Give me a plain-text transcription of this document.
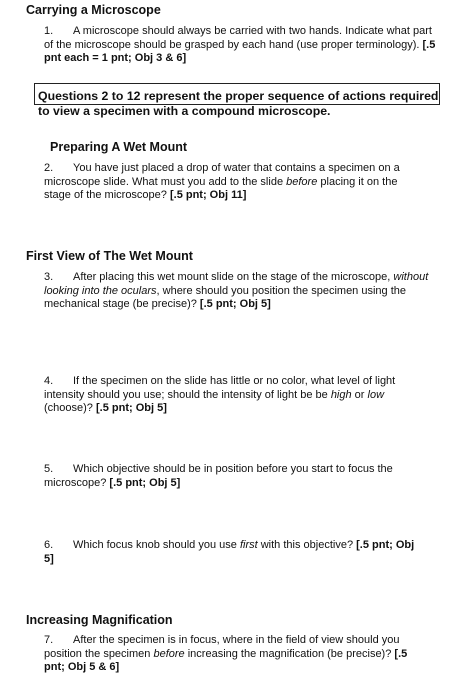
Carrying a Microscope
1. A microscope should always be carried with two hands. Indicate what part of the microscope should be grasped by each hand (use proper terminology). [.5 pnt each = 1 pnt; Obj 3 & 6]
Questions 2 to 12 represent the proper sequence of actions required to view a specimen with a compound microscope.
Preparing A Wet Mount
2. You have just placed a drop of water that contains a specimen on a microscope slide. What must you add to the slide before placing it on the stage of the microscope? [.5 pnt; Obj 11]
First View of The Wet Mount
3. After placing this wet mount slide on the stage of the microscope, without looking into the oculars, where should you position the specimen using the mechanical stage (be precise)? [.5 pnt; Obj 5]
4. If the specimen on the slide has little or no color, what level of light intensity should you use; should the intensity of light be be high or low (choose)? [.5 pnt; Obj 5]
5. Which objective should be in position before you start to focus the microscope? [.5 pnt; Obj 5]
6. Which focus knob should you use first with this objective? [.5 pnt; Obj 5]
Increasing Magnification
7. After the specimen is in focus, where in the field of view should you position the specimen before increasing the magnification (be precise)? [.5 pnt; Obj 5 & 6]
